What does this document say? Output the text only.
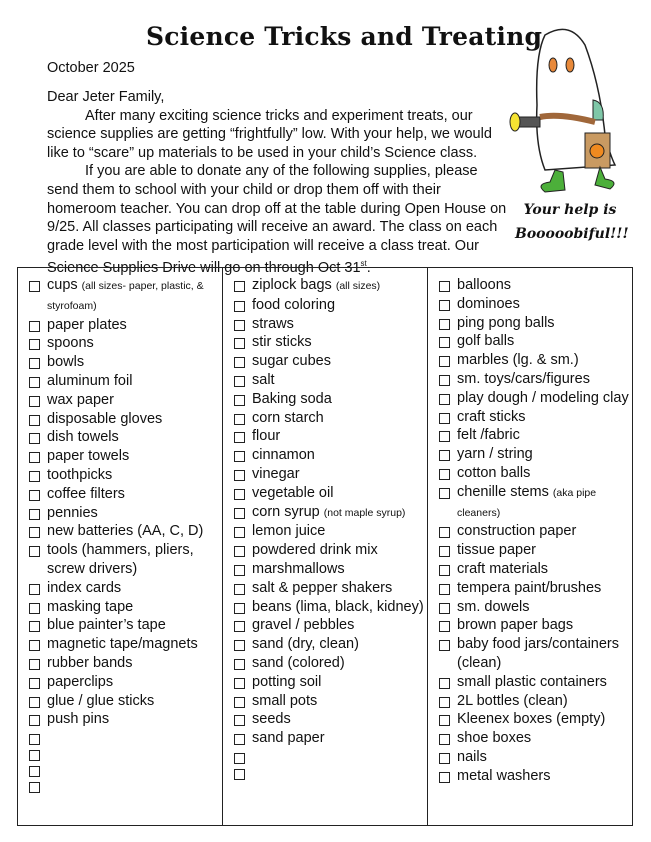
Science Tricks and Treating
October 2025

Dear Jeter Family,

After many exciting science tricks and experiment treats, our science supplies are getting “frightfully” low. With your help, we would like to “scare” up materials to be used in your child’s Science class.

If you are able to donate any of the following supplies, please send them to school with your child or drop them off with their homeroom teacher. You can drop off at the table during Open House on 9/25. All classes participating will receive an award. The class on each grade level with the most participation will receive a class treat. Our Science Supplies Drive will go on through Oct 31st.

Your help is
Booooobiful!!!
cups (all sizes- paper, plastic, & styrofoam)
paper plates
spoons
bowls
aluminum foil
wax paper
disposable gloves
dish towels
paper towels
toothpicks
coffee filters
pennies
new batteries (AA, C, D)
tools (hammers, pliers, screw drivers)
index cards
masking tape
blue painter’s tape
magnetic tape/magnets
rubber bands
paperclips
glue / glue sticks
push pins
ziplock bags (all sizes)
food coloring
straws
stir sticks
sugar cubes
salt
Baking soda
corn starch
flour
cinnamon
vinegar
vegetable oil
corn syrup (not maple syrup)
lemon juice
powdered drink mix
marshmallows
salt & pepper shakers
beans (lima, black, kidney)
gravel / pebbles
sand (dry, clean)
sand (colored)
potting soil
small pots
seeds
sand paper
balloons
dominoes
ping pong balls
golf balls
marbles (lg. & sm.)
sm. toys/cars/figures
play dough / modeling clay
craft sticks
felt /fabric
yarn / string
cotton balls
chenille stems (aka pipe cleaners)
construction paper
tissue paper
craft materials
tempera paint/brushes
sm. dowels
brown paper bags
baby food jars/containers (clean)
small plastic containers
2L bottles (clean)
Kleenex boxes (empty)
shoe boxes
nails
metal washers
